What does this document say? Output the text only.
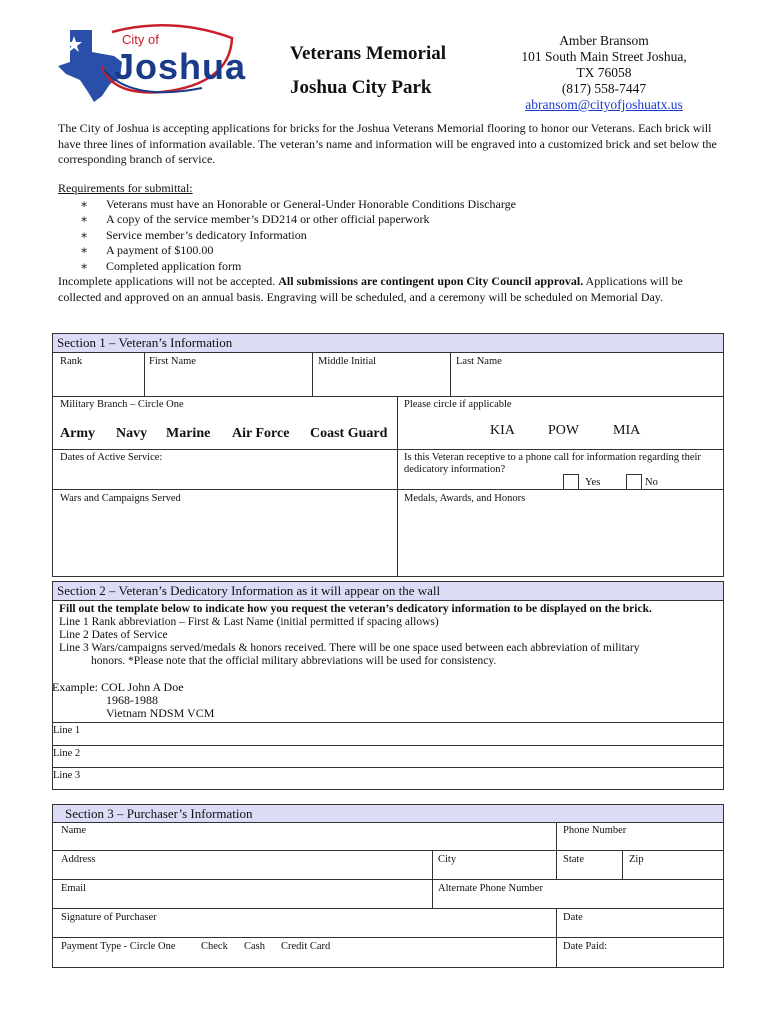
City of
Joshua Veterans Memorial
Joshua City Park
Amber Bransom
101 South Main Street Joshua,
TX 76058
(817) 558-7447
abransom@cityofjoshuatx.us
The City of Joshua is accepting applications for bricks for the Joshua Veterans Memorial flooring to honor our Veterans. Each brick will have three lines of information available. The veteran’s name and information will be engraved into a customized brick and set below the corresponding branch of service.
Requirements for submittal:
∗ Veterans must have an Honorable or General-Under Honorable Conditions Discharge
∗ A copy of the service member’s DD214 or other official paperwork
∗ Service member’s dedicatory Information
∗ A payment of $100.00
∗ Completed application form
Incomplete applications will not be accepted. All submissions are contingent upon City Council approval. Applications will be collected and approved on an annual basis. Engraving will be scheduled, and a ceremony will be scheduled on Memorial Day.
Section 1 – Veteran’s Information
Rank	First Name	Middle Initial	Last Name
Military Branch – Circle One
Army Navy Marine Air Force Coast Guard
Please circle if applicable
KIA POW MIA
Dates of Active Service:	Is this Veteran receptive to a phone call for information regarding their dedicatory information?
Yes	No
Wars and Campaigns Served	Medals, Awards, and Honors
Section 2 – Veteran’s Dedicatory Information as it will appear on the wall
Fill out the template below to indicate how you request the veteran’s dedicatory information to be displayed on the brick.
Line 1 Rank abbreviation – First & Last Name (initial permitted if spacing allows)
Line 2 Dates of Service
Line 3 Wars/campaigns served/medals & honors received. There will be one space used between each abbreviation of military
honors. *Please note that the official military abbreviations will be used for consistency.
Example: COL John A Doe
1968-1988
Vietnam NDSM VCM
Line 1
Line 2
Line 3
Section 3 – Purchaser’s Information
Name	Phone Number
Address	City	State	Zip
Email	Alternate Phone Number
Signature of Purchaser	Date
Payment Type - Circle One Check Cash Credit Card	Date Paid:
